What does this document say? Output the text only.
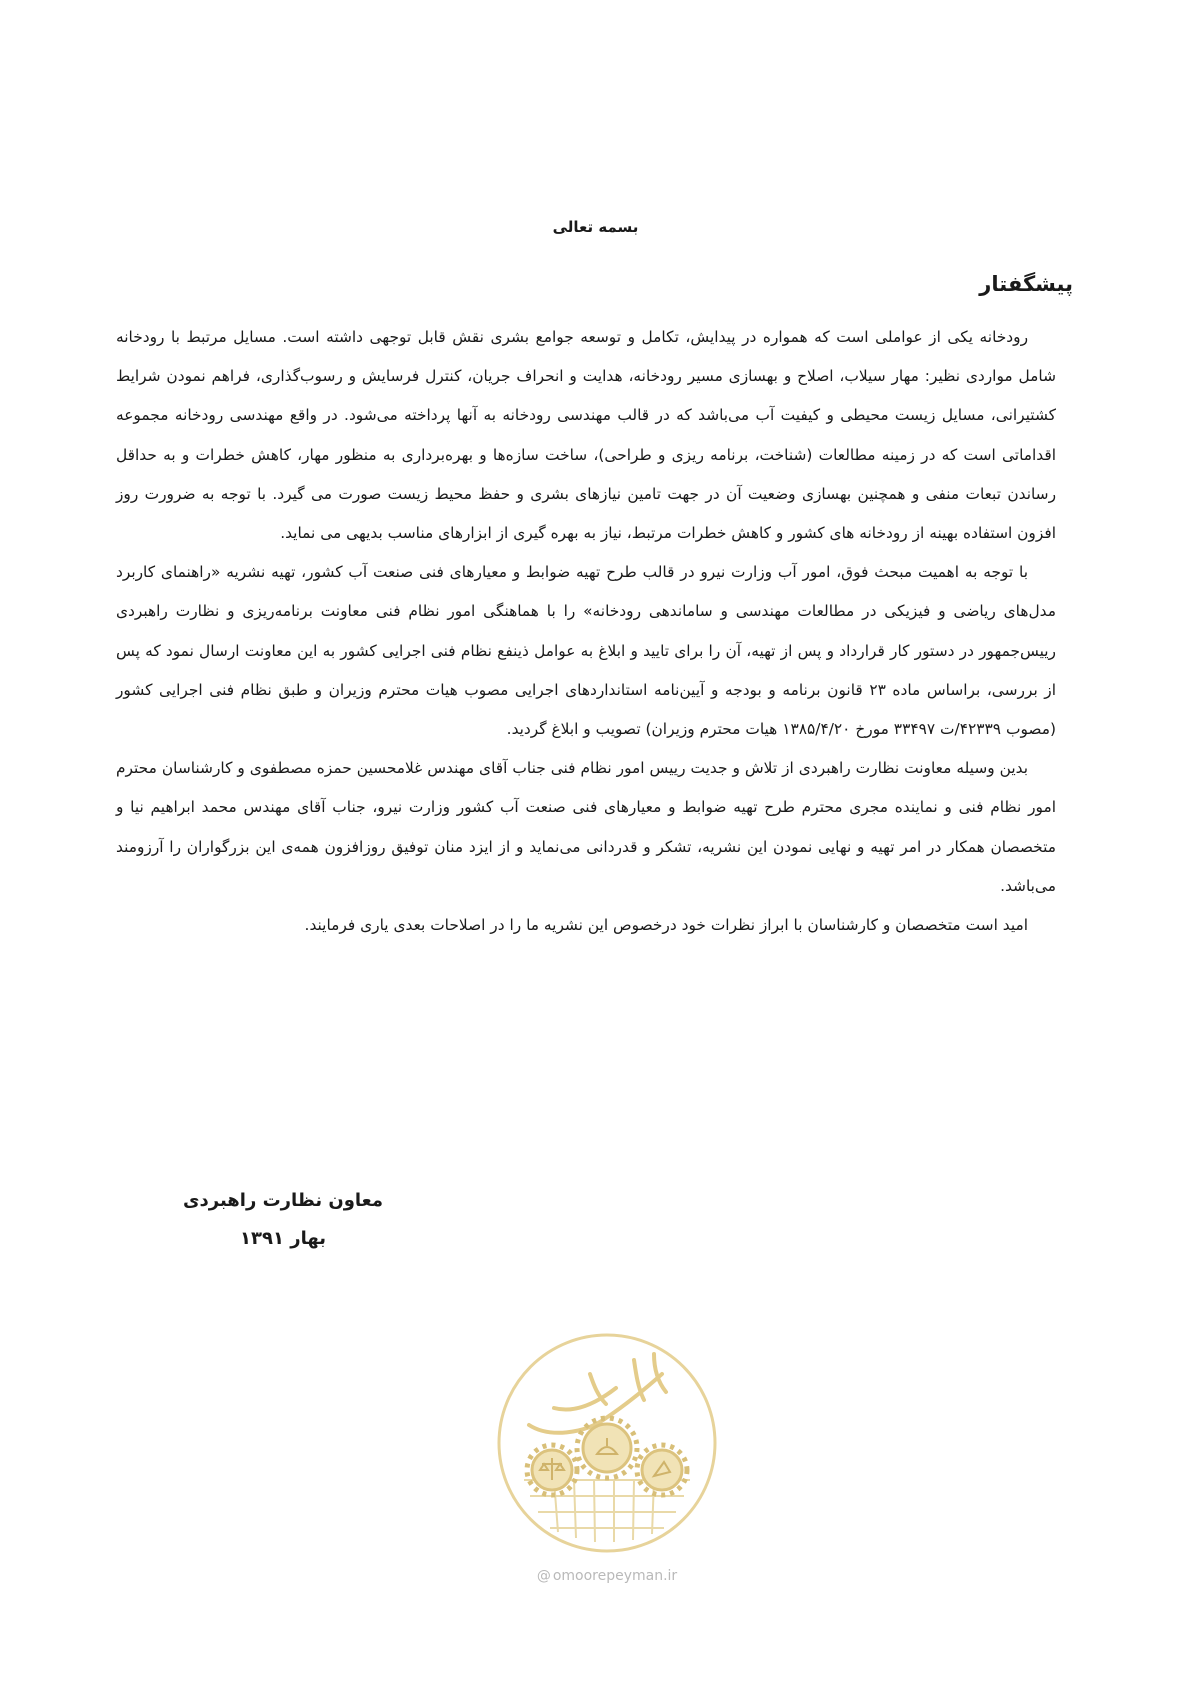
بسمه تعالی
پیشگفتار

رودخانه یکی از عواملی است که همواره در پیدایش، تکامل و توسعه جوامع بشری نقش قابل توجهی داشته است. مسایل مرتبط با رودخانه شامل مواردی نظیر: مهار سیلاب، اصلاح و بهسازی مسیر رودخانه، هدایت و انحراف جریان، کنترل فرسایش و رسوب‌گذاری، فراهم نمودن شرایط کشتیرانی، مسایل زیست محیطی و کیفیت آب می‌باشد که در قالب مهندسی رودخانه به آنها پرداخته می‌شود. در واقع مهندسی رودخانه مجموعه اقداماتی است که در زمینه مطالعات (شناخت، برنامه ریزی و طراحی)، ساخت سازه‌ها و بهره‌برداری به منظور مهار، کاهش خطرات و به حداقل رساندن تبعات منفی و همچنین بهسازی وضعیت آن در جهت تامین نیازهای بشری و حفظ محیط زیست صورت می گیرد. با توجه به ضرورت روز افزون استفاده بهینه از رودخانه های کشور و کاهش خطرات مرتبط، نیاز به بهره گیری از ابزارهای مناسب بدیهی می نماید.

با توجه به اهمیت مبحث فوق، امور آب وزارت نیرو در قالب طرح تهیه ضوابط و معیارهای فنی صنعت آب کشور، تهیه نشریه «راهنمای کاربرد مدل‌های ریاضی و فیزیکی در مطالعات مهندسی و ساماندهی رودخانه» را با هماهنگی امور نظام فنی معاونت برنامه‌ریزی و نظارت راهبردی رییس‌جمهور در دستور کار قرارداد و پس از تهیه، آن را برای تایید و ابلاغ به عوامل ذینفع نظام فنی اجرایی کشور به این معاونت ارسال نمود که پس از بررسی، براساس ماده ۲۳ قانون برنامه و بودجه و آیین‌نامه استانداردهای اجرایی مصوب هیات محترم وزیران و طبق نظام فنی اجرایی کشور (مصوب ۴۲۳۳۹/ت ۳۳۴۹۷ مورخ ۱۳۸۵/۴/۲۰ هیات محترم وزیران) تصویب و ابلاغ گردید.

بدین وسیله معاونت نظارت راهبردی از تلاش و جدیت رییس امور نظام فنی جناب آقای مهندس غلامحسین حمزه مصطفوی و کارشناسان محترم امور نظام فنی و نماینده مجری محترم طرح تهیه ضوابط و معیارهای فنی صنعت آب کشور وزارت نیرو، جناب آقای مهندس محمد ابراهیم نیا و متخصصان همکار در امر تهیه و نهایی نمودن این نشریه، تشکر و قدردانی می‌نماید و از ایزد منان توفیق روزافزون همه‌ی این بزرگواران را آرزومند می‌باشد.

امید است متخصصان و کارشناسان با ابراز نظرات خود درخصوص این نشریه ما را در اصلاحات بعدی یاری فرمایند.

معاون نظارت راهبردی
بهار ۱۳۹۱
@ omoorepeyman.ir
